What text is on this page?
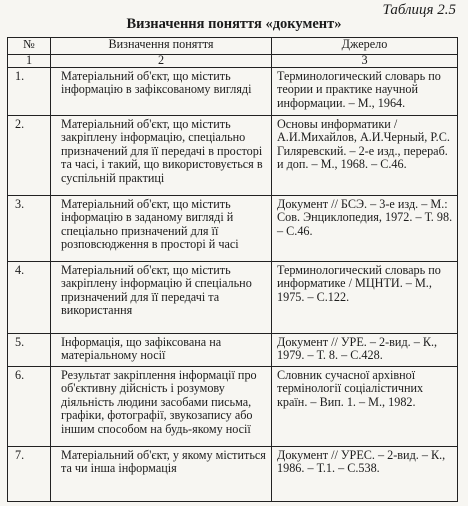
Таблиця 2.5
Визначення поняття «документ»
№	Визначення поняття	Джерело
1	2	3
1.	Матеріальний об'єкт, що містить інформацію в зафіксованому вигляді	Терминологический словарь по теории и практике научной информации. – М., 1964.
2.	Матеріальний об'єкт, що містить закріплену інформацію, спеціально призначений для її передачі в просторі та часі, і такий, що використовується в суспільній практиці	Основы информатики / А.И.Михайлов, А.И.Черный, Р.С. Гиляревский. – 2-е изд., перераб. и доп. – М., 1968. – С.46.
3.	Матеріальний об'єкт, що містить інформацію в заданому вигляді й спеціально призначений для її розповсюдження в просторі й часі	Документ // БСЭ. – 3-е изд. – М.: Сов. Энциклопедия, 1972. – Т. 98. – С.46.
4.	Матеріальний об'єкт, що містить закріплену інформацію й спеціально призначений для її передачі та використання	Терминологический словарь по информатике / МЦНТИ. – М., 1975. – С.122.
5.	Інформація, що зафіксована на матеріальному носії	Документ // УРЕ. – 2-вид. – К., 1979. – Т. 8. – С.428.
6.	Результат закріплення інформації про об'єктивну дійсність і розумову діяльність людини засобами письма, графіки, фотографії, звукозапису або іншим способом на будь-якому носії	Словник сучасної архівної термінології соціалістичних країн. – Вип. 1. – М., 1982.
7.	Матеріальний об'єкт, у якому міститься та чи інша інформація	Документ // УРЕС. – 2-вид. – К., 1986. – Т.1. – С.538.
